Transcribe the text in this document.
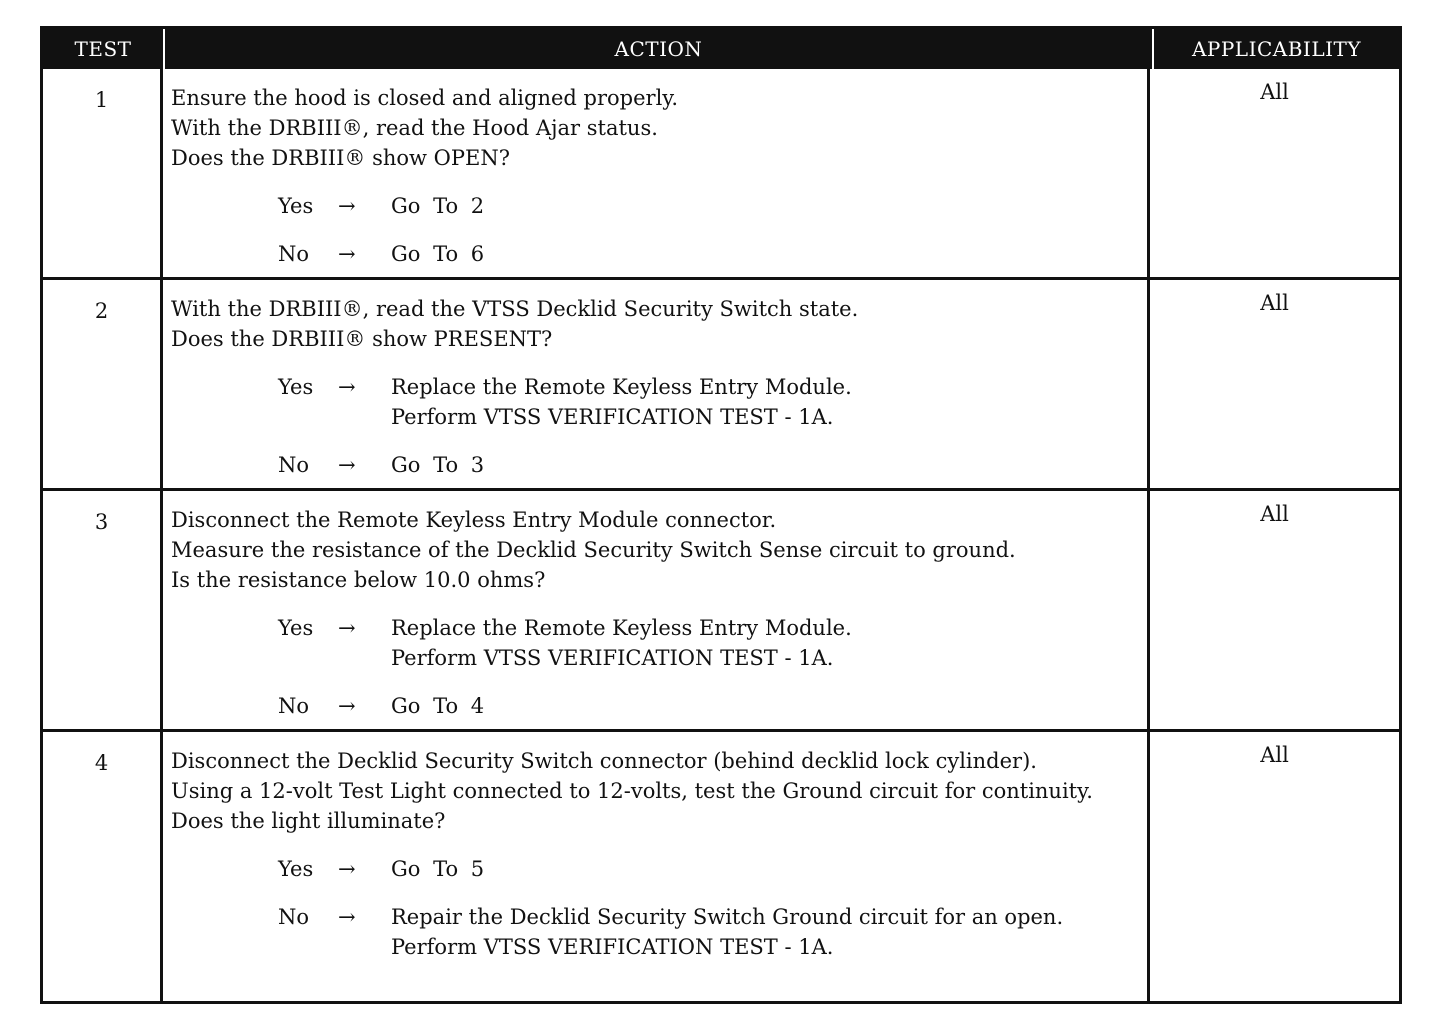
TEST	ACTION	APPLICABILITY
1	Ensure the hood is closed and aligned properly.
With the DRBIII®, read the Hood Ajar status.
Does the DRBIII® show OPEN?
Yes	→	Go To 2
No	→	Go To 6
All
2	With the DRBIII®, read the VTSS Decklid Security Switch state.
Does the DRBIII® show PRESENT?
Yes	→	Replace the Remote Keyless Entry Module.
Perform VTSS VERIFICATION TEST - 1A.
No	→	Go To 3
All
3	Disconnect the Remote Keyless Entry Module connector.
Measure the resistance of the Decklid Security Switch Sense circuit to ground.
Is the resistance below 10.0 ohms?
Yes	→	Replace the Remote Keyless Entry Module.
Perform VTSS VERIFICATION TEST - 1A.
No	→	Go To 4
All
4	Disconnect the Decklid Security Switch connector (behind decklid lock cylinder).
Using a 12-volt Test Light connected to 12-volts, test the Ground circuit for continuity.
Does the light illuminate?
Yes	→	Go To 5
No	→	Repair the Decklid Security Switch Ground circuit for an open.
Perform VTSS VERIFICATION TEST - 1A.
All
